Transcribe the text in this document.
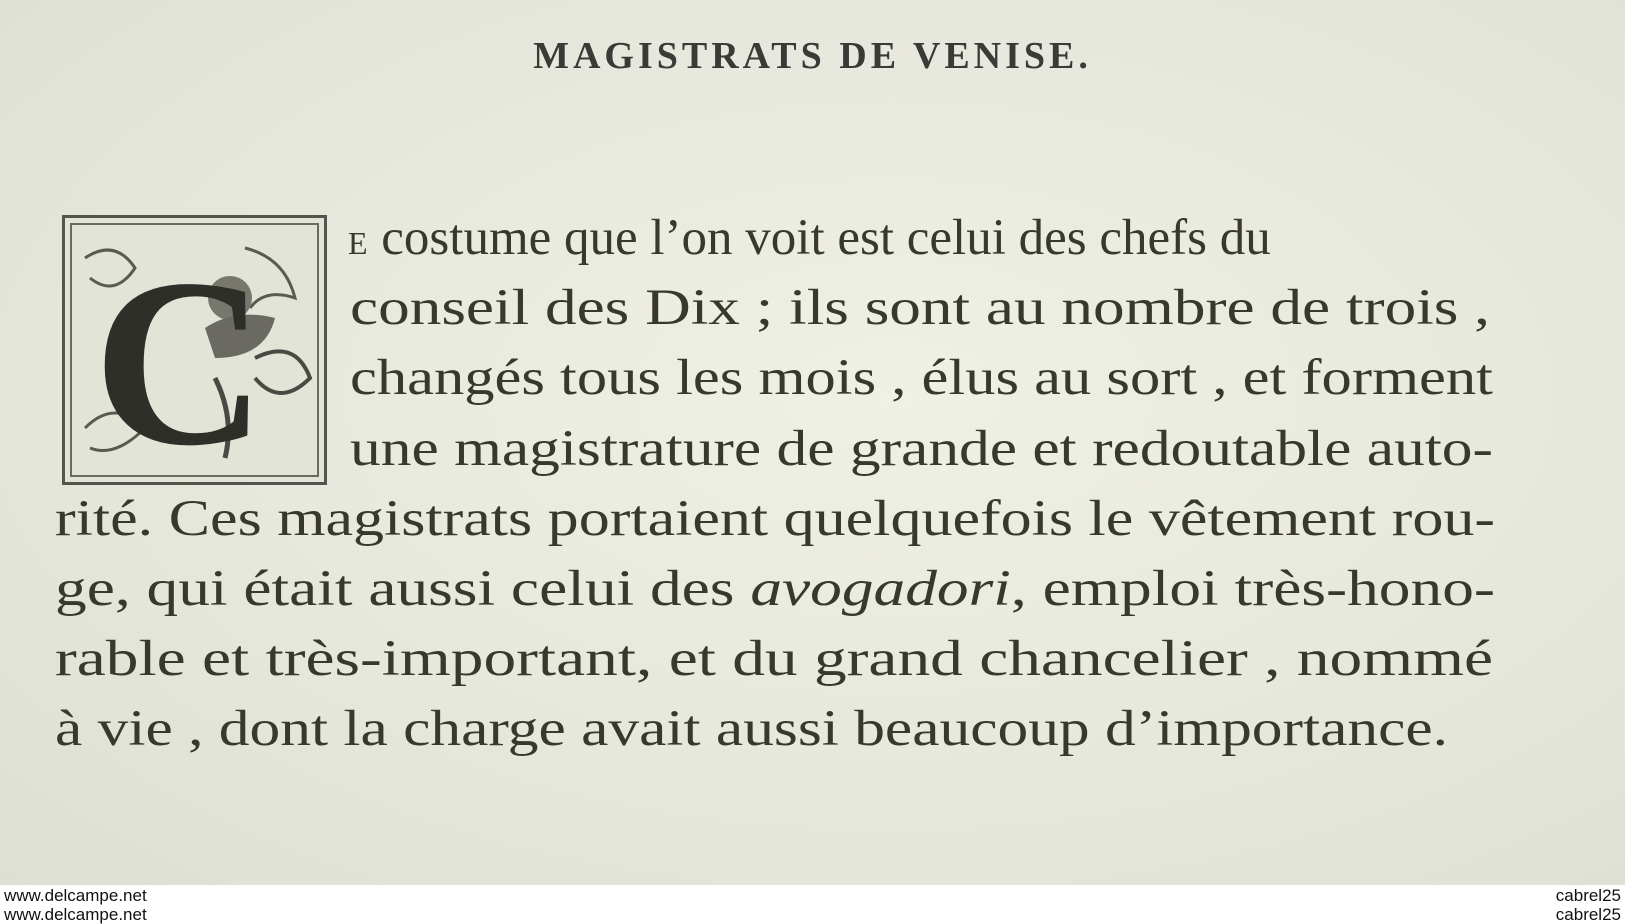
MAGISTRATS DE VENISE.
C	E costume que l’on voit est celui des chefs du
conseil des Dix ; ils sont au nombre de trois ,
changés tous les mois , élus au sort , et forment
une magistrature de grande et redoutable auto-
rité. Ces magistrats portaient quelquefois le vêtement rou-
ge, qui était aussi celui des avogadori, emploi très-hono-
rable et très-important, et du grand chancelier , nommé
à vie , dont la charge avait aussi beaucoup d’importance.
www.delcampe.net
www.delcampe.net
cabrel25
cabrel25
